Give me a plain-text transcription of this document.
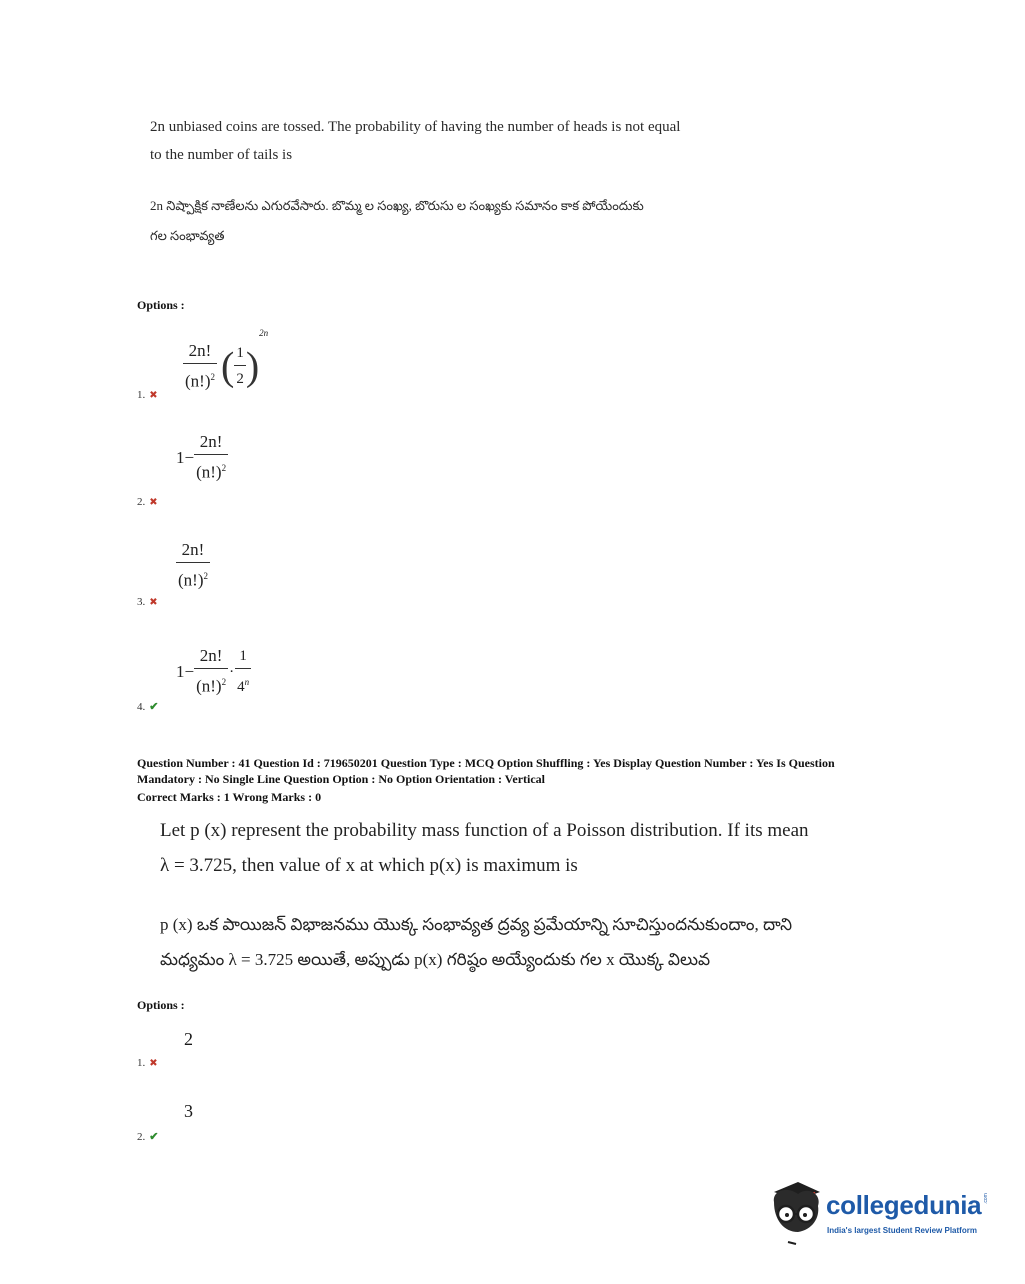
2n unbiased coins are tossed. The probability of having the number of heads is not equal
to the number of tails is
2n నిష్పాక్షిక నాణేలను ఎగురవేసారు. బొమ్మ ల సంఖ్య, బొరుసు ల సంఖ్యకు సమానం కాక పోయేందుకు
గల సంభావ్యత
Options :
$\frac{2n!}{(n!)^2}$ ( $\frac{1}{2} )^{2n}$
1. ✖
$1- \frac{2n!}{(n!)^2}$
2. ✖
$\frac{2n!}{(n!)^2}$
3. ✖
$1- \frac{2n!}{(n!)^2} \cdot \frac{1}{4^n}$
4. ✔
Question Number : 41 Question Id : 719650201 Question Type : MCQ Option Shuffling : Yes Display Question Number : Yes Is Question
Mandatory : No Single Line Question Option : No Option Orientation : Vertical
Correct Marks : 1 Wrong Marks : 0
Let p (x) represent the probability mass function of a Poisson distribution. If its mean
λ = 3.725, then value of x at which p(x) is maximum is
p (x) ఒక పాయిజన్ విభాజనము యొక్క సంభావ్యత ద్రవ్య ప్రమేయాన్ని సూచిస్తుందనుకుందాం, దాని
మధ్యమం λ = 3.725 అయితే, అప్పుడు p(x) గరిష్ఠం అయ్యేందుకు గల x యొక్క విలువ
Options :
2
1. ✖
3
2. ✔
collegedunia .com
India's largest Student Review Platform
